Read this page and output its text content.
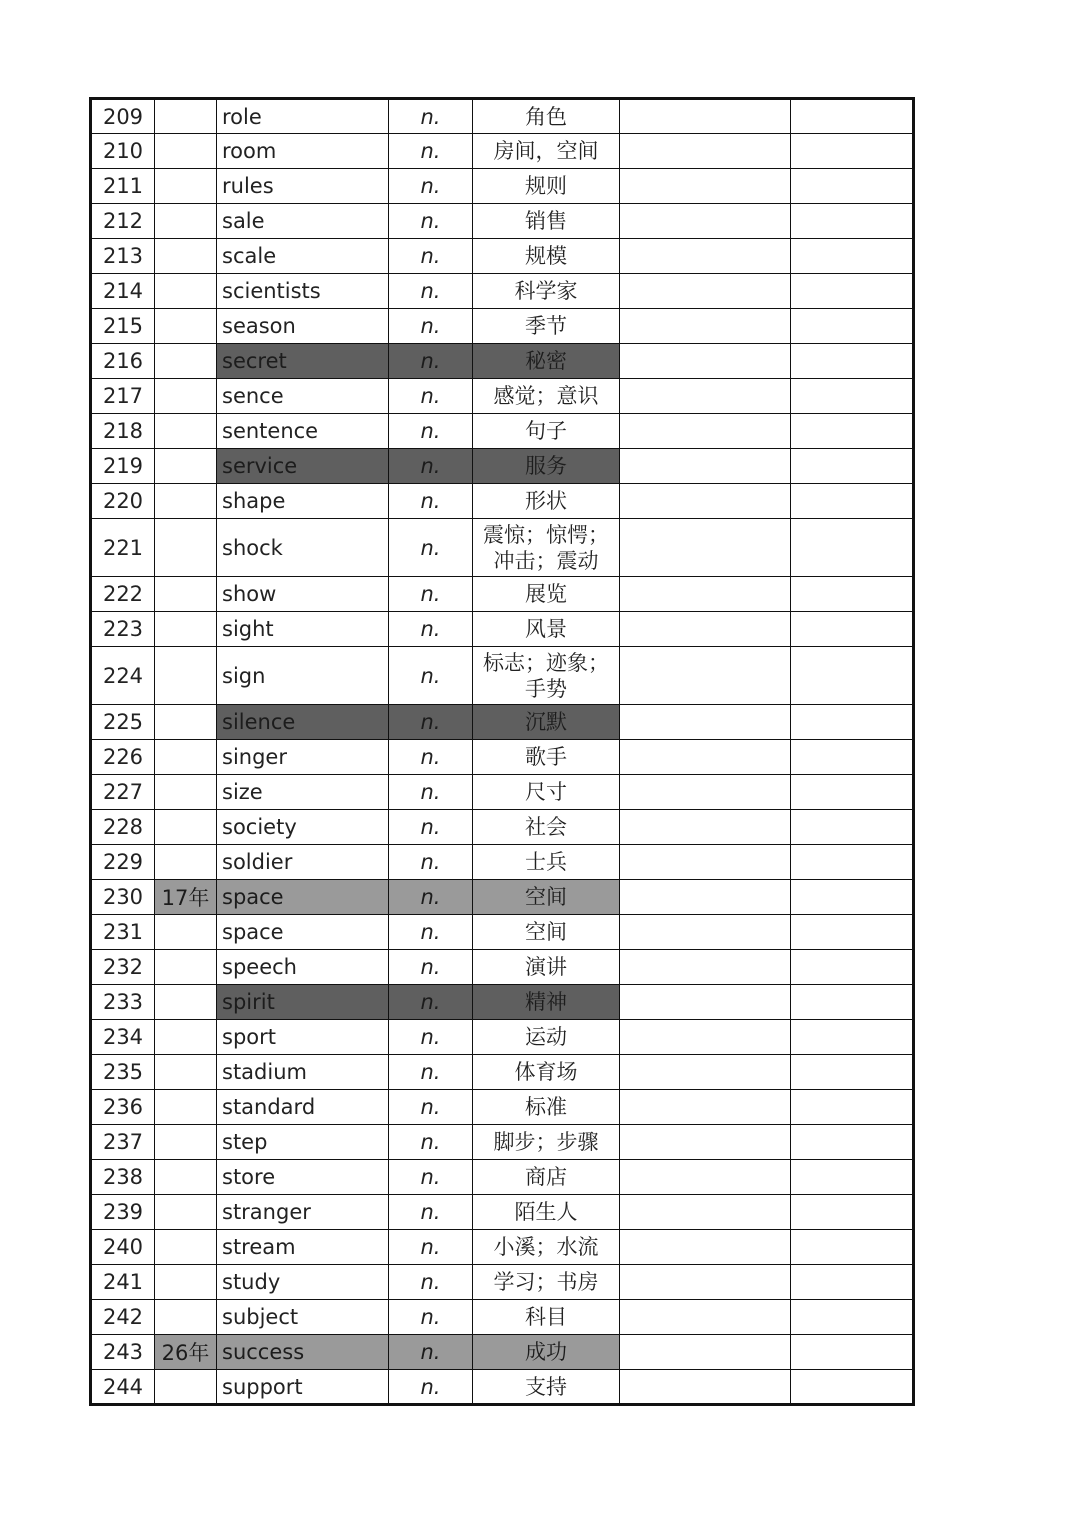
209		role	n.	角色		
210		room	n.	房间，空间		
211		rules	n.	规则		
212		sale	n.	销售		
213		scale	n.	规模		
214		scientists	n.	科学家		
215		season	n.	季节		
216		secret	n.	秘密		
217		sence	n.	感觉；意识		
218		sentence	n.	句子		
219		service	n.	服务		
220		shape	n.	形状		
221		shock	n.	震惊；惊愕；冲击；震动		
222		show	n.	展览		
223		sight	n.	风景		
224		sign	n.	标志；迹象；手势		
225		silence	n.	沉默		
226		singer	n.	歌手		
227		size	n.	尺寸		
228		society	n.	社会		
229		soldier	n.	士兵		
230	17年	space	n.	空间		
231		space	n.	空间		
232		speech	n.	演讲		
233		spirit	n.	精神		
234		sport	n.	运动		
235		stadium	n.	体育场		
236		standard	n.	标准		
237		step	n.	脚步；步骤		
238		store	n.	商店		
239		stranger	n.	陌生人		
240		stream	n.	小溪；水流		
241		study	n.	学习；书房		
242		subject	n.	科目		
243	26年	success	n.	成功		
244		support	n.	支持		
